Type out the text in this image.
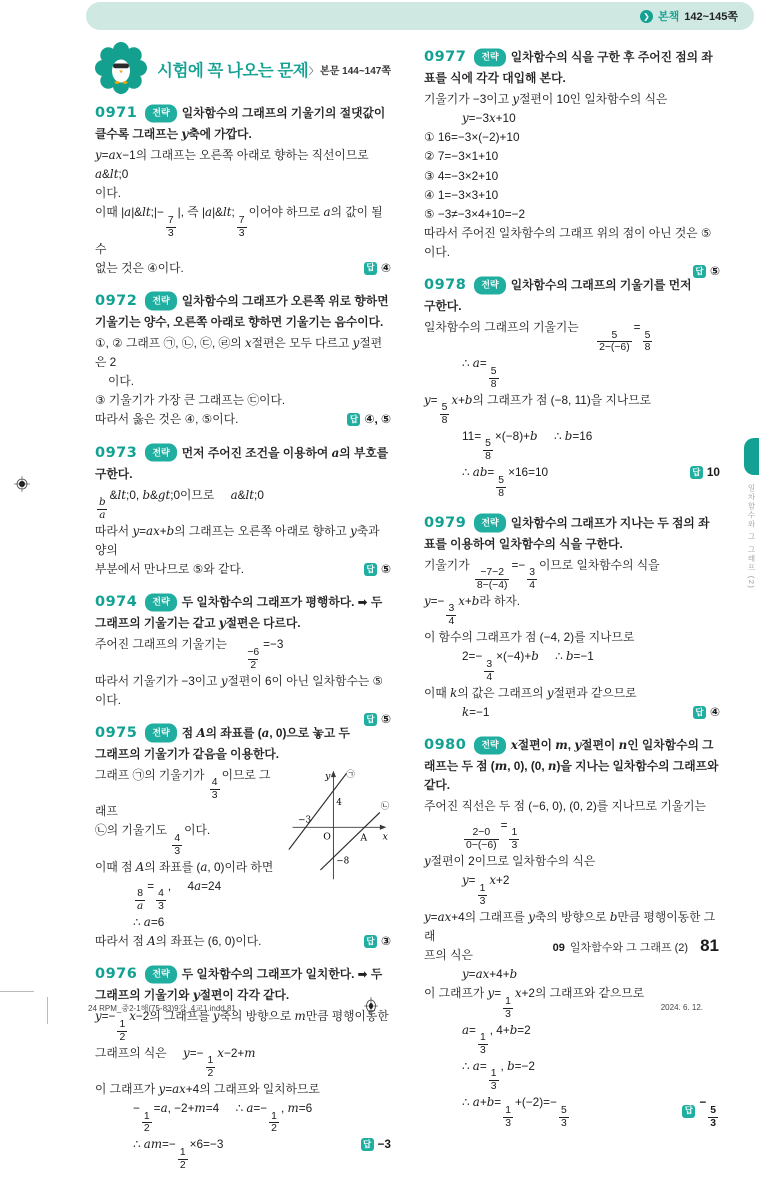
❯ 본책 142~145쪽
시험에 꼭 나오는 문제 〉 본문 144~147쪽
0971 전략 일차함수의 그래프의 기울기의 절댓값이 클수록 그래프는 y축에 가깝다.
y=ax−1의 그래프는 오른쪽 아래로 향하는 직선이므로 a&lt;0
이다.
이때 |a|&lt;|−
$\frac{7}{3}$
|, 즉 |a|&lt;
$\frac{7}{3}$
이어야 하므로 a의 값이 될 수
없는 것은 ④이다.	답 ④
0972 전략 일차함수의 그래프가 오른쪽 위로 향하면 기울기는 양수, 오른쪽 아래로 향하면 기울기는 음수이다.
①, ② 그래프 ㉠, ㉡, ㉢, ㉣의 x절편은 모두 다르고 y절편은 2
이다.
③ 기울기가 가장 큰 그래프는 ㉢이다.
따라서 옳은 것은 ④, ⑤이다.	답 ④, ⑤
0973 전략 먼저 주어진 조건을 이용하여 a의 부호를 구한다.
$\frac{b}{a}$
&lt;0, b&gt;0이므로     a&lt;0
따라서 y=ax+b의 그래프는 오른쪽 아래로 향하고 y축과 양의
부분에서 만나므로 ⑤와 같다.	답 ⑤
0974 전략 두 일차함수의 그래프가 평행하다. ➡ 두 그래프의 기울기는 같고 y절편은 다르다.
주어진 그래프의 기울기는
$\frac{-6}{2}$
=−3
따라서 기울기가 −3이고 y절편이 6이 아닌 일차함수는 ⑤이다.
답 ⑤
0975 전략 점 A의 좌표를 (a, 0)으로 놓고 두 그래프의 기울기가 같음을 이용한다.
y
x
O	A
−3
4
−8
㉠
㉡
그래프 ㉠의 기울기가
$\frac{4}{3}$
이므로 그래프
㉡의 기울기도
$\frac{4}{3}$
이다.
이때 점 A의 좌표를 (a, 0)이라 하면
$\frac{8}{a}$
=
$\frac{4}{3}$
,     4a=24
∴ a=6
따라서 점 A의 좌표는 (6, 0)이다.	답 ③
0976 전략 두 일차함수의 그래프가 일치한다. ➡ 두 그래프의 기울기와 y절편이 각각 같다.
y=−
$\frac{1}{2}$
x−2의 그래프를 y축의 방향으로 m만큼 평행이동한
그래프의 식은     y=−
$\frac{1}{2}$
x−2+m
이 그래프가 y=ax+4의 그래프와 일치하므로
−
$\frac{1}{2}$
=a, −2+m=4     ∴ a=−
$\frac{1}{2}$
, m=6
∴ am=−
$\frac{1}{2}$
×6=−3	답 −3
0977 전략 일차함수의 식을 구한 후 주어진 점의 좌표를 식에 각각 대입해 본다.
기울기가 −3이고 y절편이 10인 일차함수의 식은
y=−3x+10
① 16=−3×(−2)+10
② 7=−3×1+10
③ 4=−3×2+10
④ 1=−3×3+10
⑤ −3≠−3×4+10=−2
따라서 주어진 일차함수의 그래프 위의 점이 아닌 것은 ⑤이다.
답 ⑤
0978 전략 일차함수의 그래프의 기울기를 먼저 구한다.
일차함수의 그래프의 기울기는
$\frac{5}{2-(-6)}$
=
$\frac{5}{8}$
∴ a=
$\frac{5}{8}$
y=
$\frac{5}{8}$
x+b의 그래프가 점 (−8, 11)을 지나므로
11=
$\frac{5}{8}$
×(−8)+b     ∴ b=16
∴ ab=
$\frac{5}{8}$
×16=10	답 10
0979 전략 일차함수의 그래프가 지나는 두 점의 좌표를 이용하여 일차함수의 식을 구한다.
기울기가
$\frac{-7-2}{8-(-4)}$
=−
$\frac{3}{4}$
이므로 일차함수의 식을
y=−
$\frac{3}{4}$
x+b라 하자.
이 함수의 그래프가 점 (−4, 2)를 지나므로
2=−
$\frac{3}{4}$
×(−4)+b     ∴ b=−1
이때 k의 값은 그래프의 y절편과 같으므로
k=−1	답 ④
0980 전략 x절편이 m, y절편이 n인 일차함수의 그래프는 두 점 (m, 0), (0, n)을 지나는 일차함수의 그래프와 같다.
주어진 직선은 두 점 (−6, 0), (0, 2)를 지나므로 기울기는
$\frac{2-0}{0-(-6)}$
=
$\frac{1}{3}$
y절편이 2이므로 일차함수의 식은
y=
$\frac{1}{3}$
x+2
y=ax+4의 그래프를 y축의 방향으로 b만큼 평행이동한 그래
프의 식은
y=ax+4+b
이 그래프가 y=
$\frac{1}{3}$
x+2의 그래프와 같으므로
a=
$\frac{1}{3}$
, 4+b=2
∴ a=
$\frac{1}{3}$
, b=−2
∴ a+b=
$\frac{1}{3}$
+(−2)=−
$\frac{5}{3}$	답
−
$\frac{5}{3}$
일차함수와 그 그래프 (2)
09 일차함수와 그 그래프 (2) 81
24 RPM_중2-1해(75-83)9강_4교1.indd 81	2024. 6. 12.
